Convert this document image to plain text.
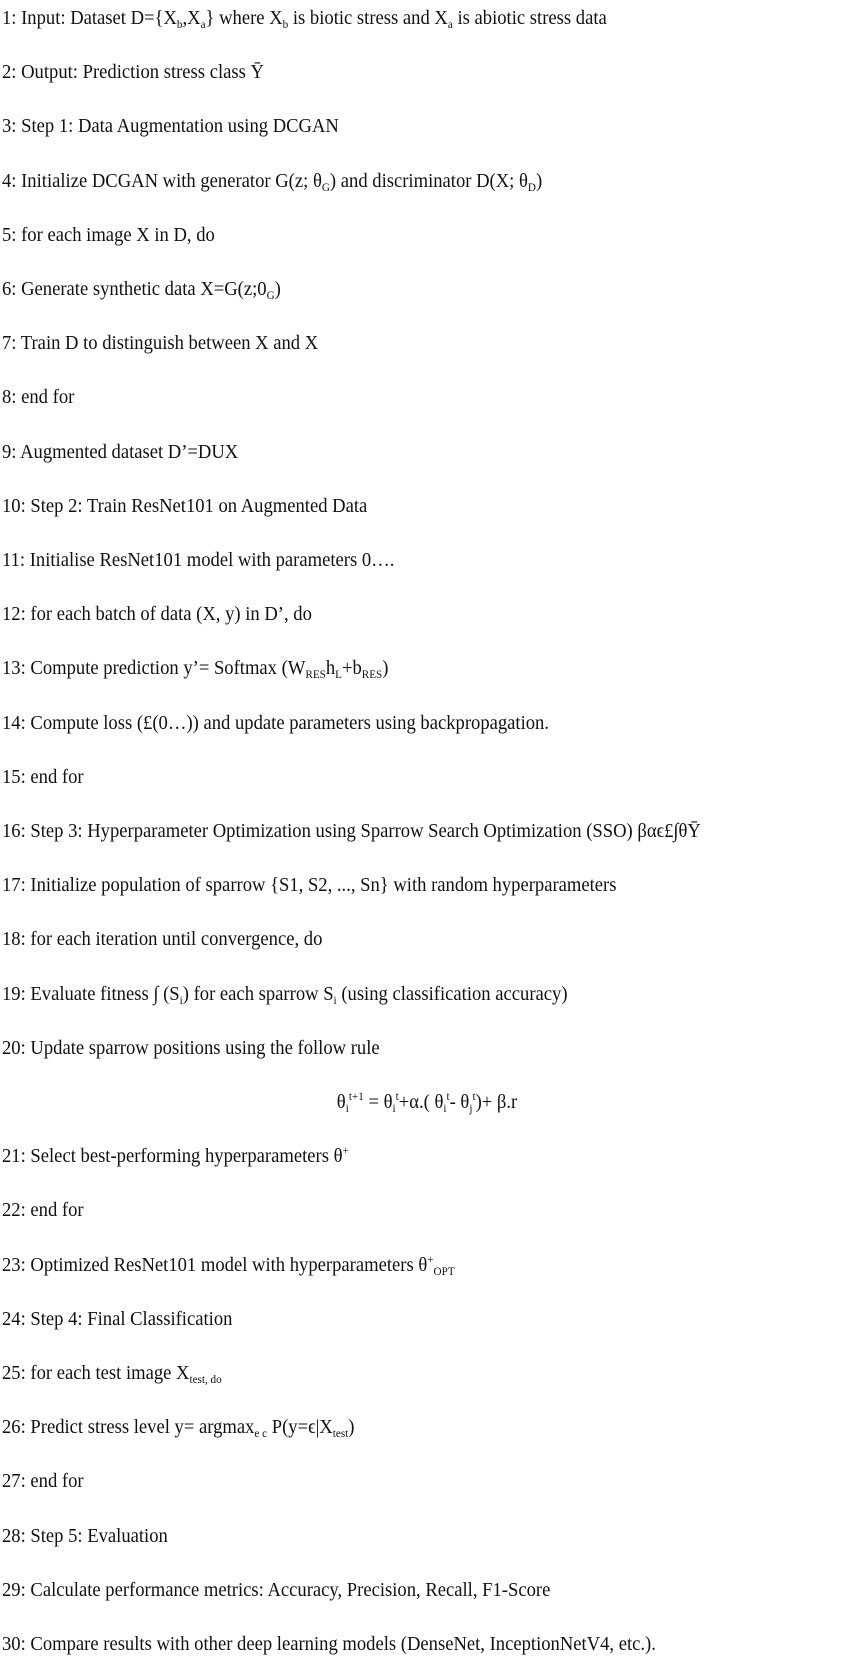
1: Input: Dataset $D=\{X_b,X_a\}$ where $X_b$ is biotic stress and $X_a$ is abiotic stress data
2: Output: Prediction stress class Ȳ
3: Step 1: Data Augmentation using DCGAN
4: Initialize DCGAN with generator G(z; $\theta_G$) and discriminator D(X; $\theta_D$)
5: for each image X in D, do
6: Generate synthetic data $X=G(z;0_G)$
7: Train D to distinguish between X and X
8: end for
9: Augmented dataset D’=DUX
10: Step 2: Train ResNet101 on Augmented Data
11: Initialise ResNet101 model with parameters 0….
12: for each batch of data (X, y) in D’, do
13: Compute prediction y’= Softmax $(W_{RES}h_L+b_{RES})$
14: Compute loss (£(0…)) and update parameters using backpropagation.
15: end for
16: Step 3: Hyperparameter Optimization using Sparrow Search Optimization (SSO) βαϵ£∫θȲ
17: Initialize population of sparrow {S1, S2, ..., Sn} with random hyperparameters
18: for each iteration until convergence, do
19: Evaluate fitness ∫ $(S_i)$ for each sparrow $S_i$ (using classification accuracy)
20: Update sparrow positions using the follow rule
$\theta_i^{t+1} = \theta_i^t+\alpha$.( $\theta_i^t-$ $\theta_j^t)+ \beta.r$
21: Select best-performing hyperparameters θ+
22: end for
23: Optimized ResNet101 model with hyperparameters $\theta^+_{OPT}$
24: Step 4: Final Classification
25: for each test image $X_{test, do}$
26: Predict stress level y= argmax$_{e c}$ $P(y=\epsilon|X_{test})$
27: end for
28: Step 5: Evaluation
29: Calculate performance metrics: Accuracy, Precision, Recall, F1-Score
30: Compare results with other deep learning models (DenseNet, InceptionNetV4, etc.).
